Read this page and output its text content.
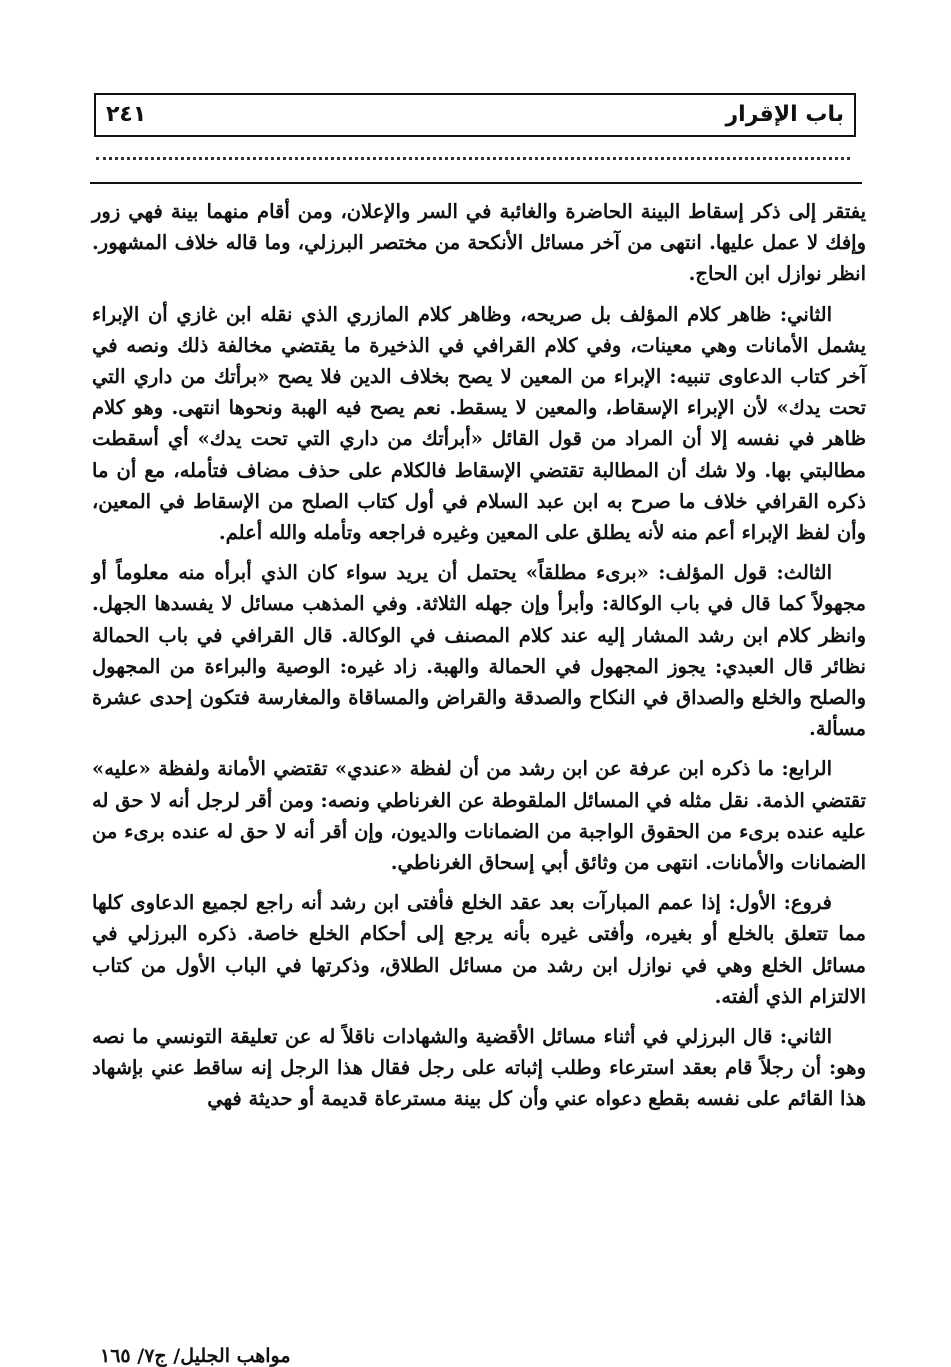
باب الإقرار
٢٤١

يفتقر إلى ذكر إسقاط البينة الحاضرة والغائبة في السر والإعلان، ومن أقام منهما بينة فهي زور وإفك لا عمل عليها. انتهى من آخر مسائل الأنكحة من مختصر البرزلي، وما قاله خلاف المشهور. انظر نوازل ابن الحاج.

الثاني: ظاهر كلام المؤلف بل صريحه، وظاهر كلام المازري الذي نقله ابن غازي أن الإبراء يشمل الأمانات وهي معينات، وفي كلام القرافي في الذخيرة ما يقتضي مخالفة ذلك ونصه في آخر كتاب الدعاوى تنبيه: الإبراء من المعين لا يصح بخلاف الدين فلا يصح «برأتك من داري التي تحت يدك» لأن الإبراء الإسقاط، والمعين لا يسقط. نعم يصح فيه الهبة ونحوها انتهى. وهو كلام ظاهر في نفسه إلا أن المراد من قول القائل «أبرأتك من داري التي تحت يدك» أي أسقطت مطالبتي بها. ولا شك أن المطالبة تقتضي الإسقاط فالكلام على حذف مضاف فتأمله، مع أن ما ذكره القرافي خلاف ما صرح به ابن عبد السلام في أول كتاب الصلح من الإسقاط في المعين، وأن لفظ الإبراء أعم منه لأنه يطلق على المعين وغيره فراجعه وتأمله والله أعلم.

الثالث: قول المؤلف: «برىء مطلقاً» يحتمل أن يريد سواء كان الذي أبرأه منه معلوماً أو مجهولاً كما قال في باب الوكالة: وأبرأ وإن جهله الثلاثة. وفي المذهب مسائل لا يفسدها الجهل. وانظر كلام ابن رشد المشار إليه عند كلام المصنف في الوكالة. قال القرافي في باب الحمالة نظائر قال العبدي: يجوز المجهول في الحمالة والهبة. زاد غيره: الوصية والبراءة من المجهول والصلح والخلع والصداق في النكاح والصدقة والقراض والمساقاة والمغارسة فتكون إحدى عشرة مسألة.

الرابع: ما ذكره ابن عرفة عن ابن رشد من أن لفظة «عندي» تقتضي الأمانة ولفظة «عليه» تقتضي الذمة. نقل مثله في المسائل الملقوطة عن الغرناطي ونصه: ومن أقر لرجل أنه لا حق له عليه عنده برىء من الحقوق الواجبة من الضمانات والديون، وإن أقر أنه لا حق له عنده برىء من الضمانات والأمانات. انتهى من وثائق أبي إسحاق الغرناطي.

فروع: الأول: إذا عمم المبارآت بعد عقد الخلع فأفتى ابن رشد أنه راجع لجميع الدعاوى كلها مما تتعلق بالخلع أو بغيره، وأفتى غيره بأنه يرجع إلى أحكام الخلع خاصة. ذكره البرزلي في مسائل الخلع وهي في نوازل ابن رشد من مسائل الطلاق، وذكرتها في الباب الأول من كتاب الالتزام الذي ألفته.

الثاني: قال البرزلي في أثناء مسائل الأقضية والشهادات ناقلاً له عن تعليقة التونسي ما نصه وهو: أن رجلاً قام بعقد استرعاء وطلب إثباته على رجل فقال هذا الرجل إنه ساقط عني بإشهاد هذا القائم على نفسه بقطع دعواه عني وأن كل بينة مسترعاة قديمة أو حديثة فهي

مواهب الجليل/ ج٧/ ١٦٥
